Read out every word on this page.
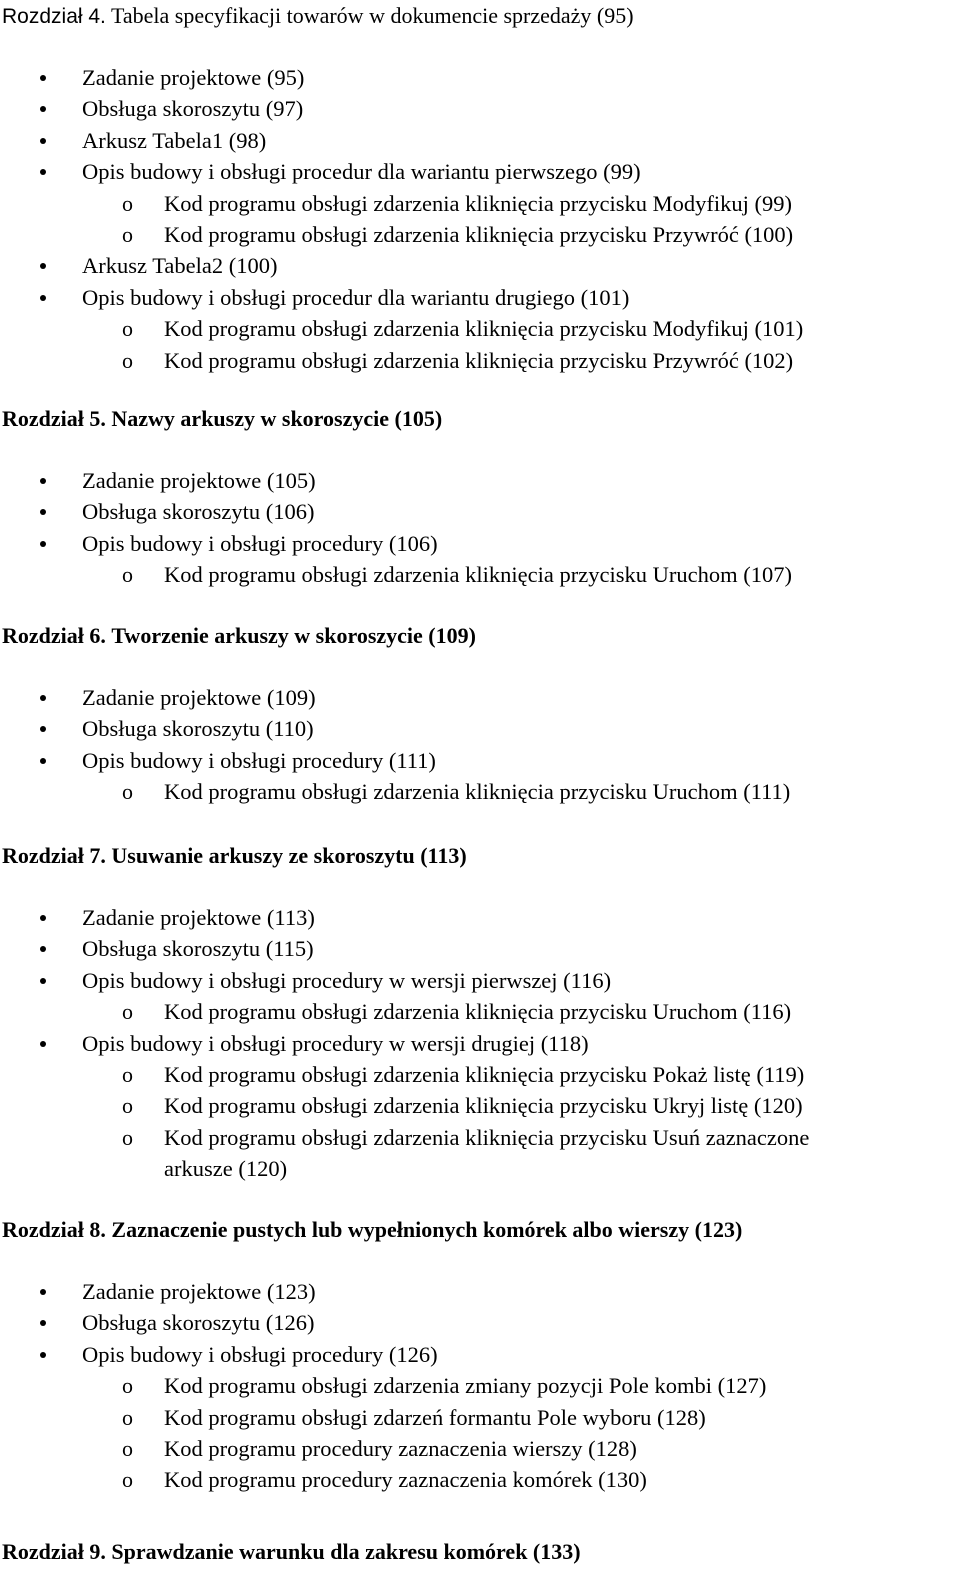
Rozdział 4. Tabela specyfikacji towarów w dokumencie sprzedaży (95)
Zadanie projektowe (95)
Obsługa skoroszytu (97)
Arkusz Tabela1 (98)
Opis budowy i obsługi procedur dla wariantu pierwszego (99)
o Kod programu obsługi zdarzenia kliknięcia przycisku Modyfikuj (99)
o Kod programu obsługi zdarzenia kliknięcia przycisku Przywróć (100)
Arkusz Tabela2 (100)
Opis budowy i obsługi procedur dla wariantu drugiego (101)
o Kod programu obsługi zdarzenia kliknięcia przycisku Modyfikuj (101)
o Kod programu obsługi zdarzenia kliknięcia przycisku Przywróć (102)
Rozdział 5. Nazwy arkuszy w skoroszycie (105)
Zadanie projektowe (105)
Obsługa skoroszytu (106)
Opis budowy i obsługi procedury (106)
o Kod programu obsługi zdarzenia kliknięcia przycisku Uruchom (107)
Rozdział 6. Tworzenie arkuszy w skoroszycie (109)
Zadanie projektowe (109)
Obsługa skoroszytu (110)
Opis budowy i obsługi procedury (111)
o Kod programu obsługi zdarzenia kliknięcia przycisku Uruchom (111)
Rozdział 7. Usuwanie arkuszy ze skoroszytu (113)
Zadanie projektowe (113)
Obsługa skoroszytu (115)
Opis budowy i obsługi procedury w wersji pierwszej (116)
o Kod programu obsługi zdarzenia kliknięcia przycisku Uruchom (116)
Opis budowy i obsługi procedury w wersji drugiej (118)
o Kod programu obsługi zdarzenia kliknięcia przycisku Pokaż listę (119)
o Kod programu obsługi zdarzenia kliknięcia przycisku Ukryj listę (120)
o Kod programu obsługi zdarzenia kliknięcia przycisku Usuń zaznaczone
arkusze (120)
Rozdział 8. Zaznaczenie pustych lub wypełnionych komórek albo wierszy (123)
Zadanie projektowe (123)
Obsługa skoroszytu (126)
Opis budowy i obsługi procedury (126)
o Kod programu obsługi zdarzenia zmiany pozycji Pole kombi (127)
o Kod programu obsługi zdarzeń formantu Pole wyboru (128)
o Kod programu procedury zaznaczenia wierszy (128)
o Kod programu procedury zaznaczenia komórek (130)
Rozdział 9. Sprawdzanie warunku dla zakresu komórek (133)
